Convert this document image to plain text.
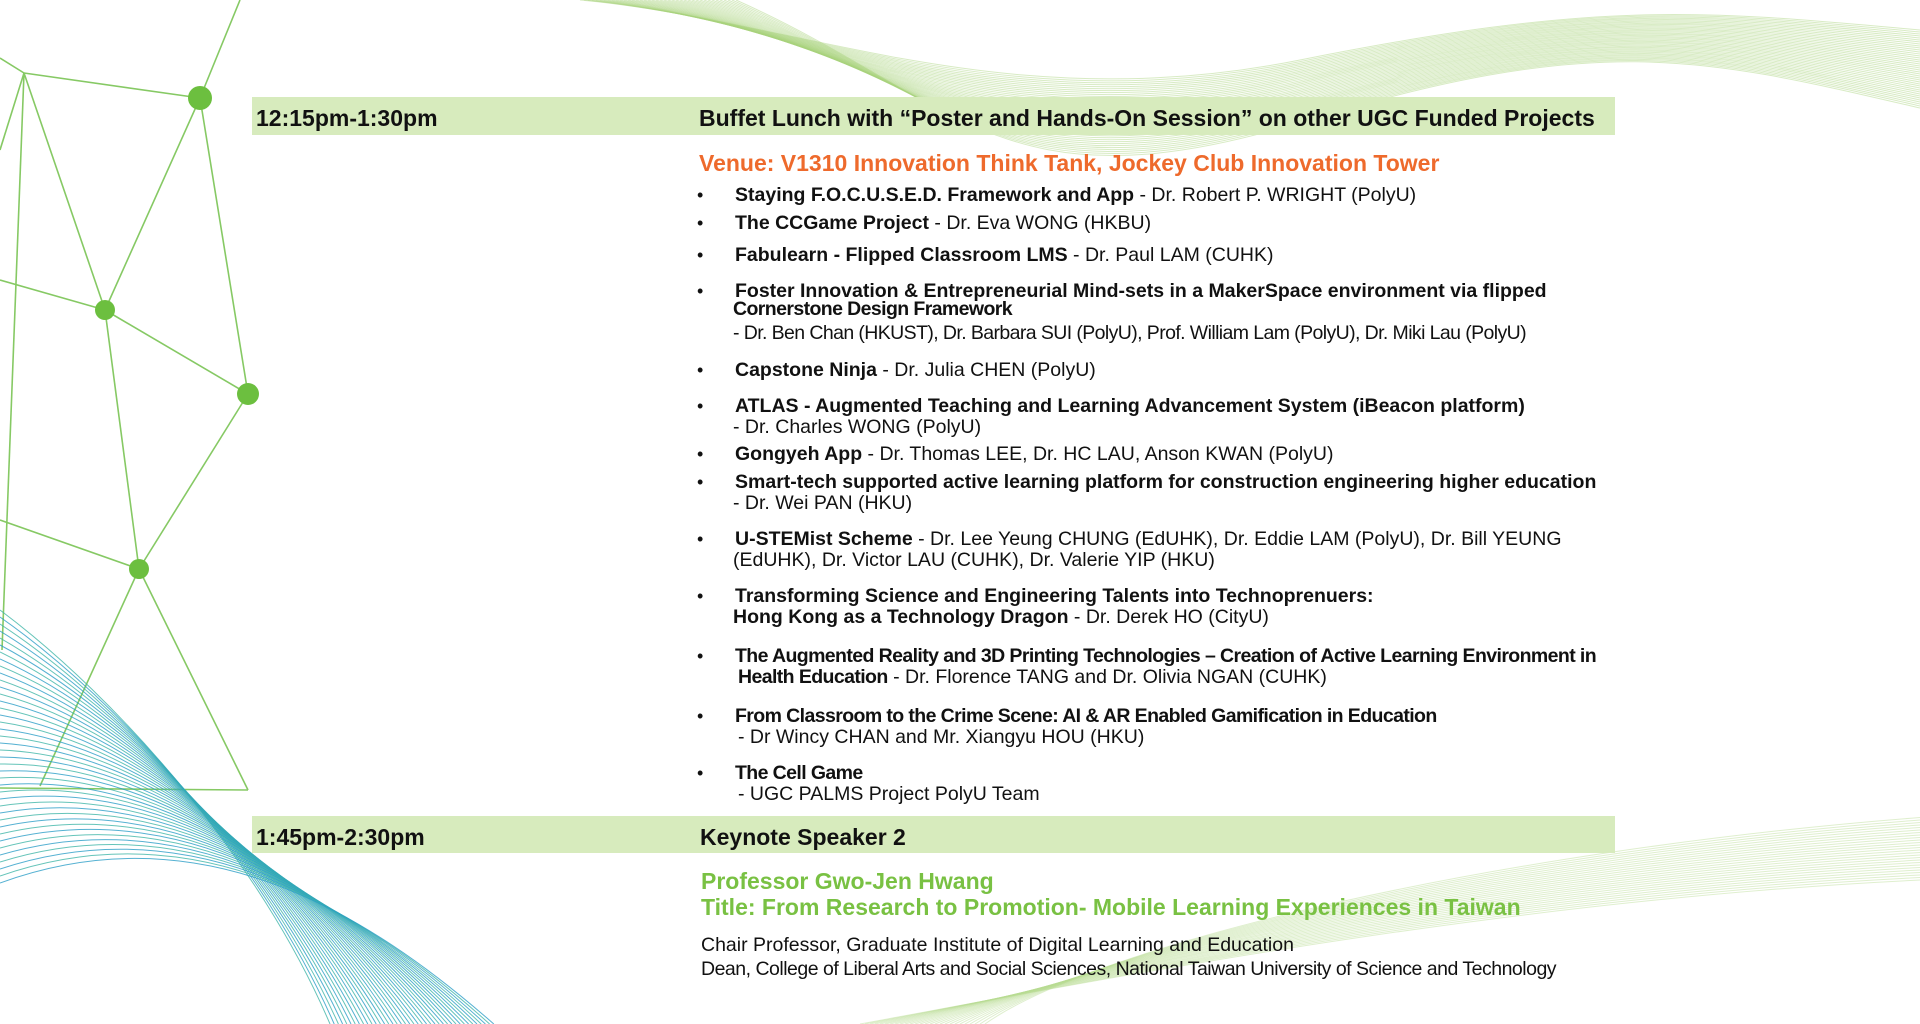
12:15pm-1:30pm	Buffet Lunch with “Poster and Hands-On Session” on other UGC Funded Projects
Venue: V1310 Innovation Think Tank, Jockey Club Innovation Tower
• Staying F.O.C.U.S.E.D. Framework and App - Dr. Robert P. WRIGHT (PolyU)
• The CCGame Project - Dr. Eva WONG (HKBU)
• Fabulearn - Flipped Classroom LMS - Dr. Paul LAM (CUHK)
• Foster Innovation & Entrepreneurial Mind-sets in a MakerSpace environment via flipped
Cornerstone Design Framework
- Dr. Ben Chan (HKUST), Dr. Barbara SUI (PolyU), Prof. William Lam (PolyU), Dr. Miki Lau (PolyU)
• Capstone Ninja - Dr. Julia CHEN (PolyU)
• ATLAS - Augmented Teaching and Learning Advancement System (iBeacon platform)
- Dr. Charles WONG (PolyU)
• Gongyeh App - Dr. Thomas LEE, Dr. HC LAU, Anson KWAN (PolyU)
• Smart-tech supported active learning platform for construction engineering higher education
- Dr. Wei PAN (HKU)
• U-STEMist Scheme - Dr. Lee Yeung CHUNG (EdUHK), Dr. Eddie LAM (PolyU), Dr. Bill YEUNG
(EdUHK), Dr. Victor LAU (CUHK), Dr. Valerie YIP (HKU)
• Transforming Science and Engineering Talents into Technoprenuers:
Hong Kong as a Technology Dragon - Dr. Derek HO (CityU)
• The Augmented Reality and 3D Printing Technologies – Creation of Active Learning Environment in
Health Education - Dr. Florence TANG and Dr. Olivia NGAN (CUHK)
• From Classroom to the Crime Scene: AI & AR Enabled Gamification in Education
- Dr Wincy CHAN and Mr. Xiangyu HOU (HKU)
• The Cell Game
- UGC PALMS Project PolyU Team
1:45pm-2:30pm	Keynote Speaker 2
Professor Gwo-Jen Hwang
Title: From Research to Promotion- Mobile Learning Experiences in Taiwan
Chair Professor, Graduate Institute of Digital Learning and Education
Dean, College of Liberal Arts and Social Sciences, National Taiwan University of Science and Technology
